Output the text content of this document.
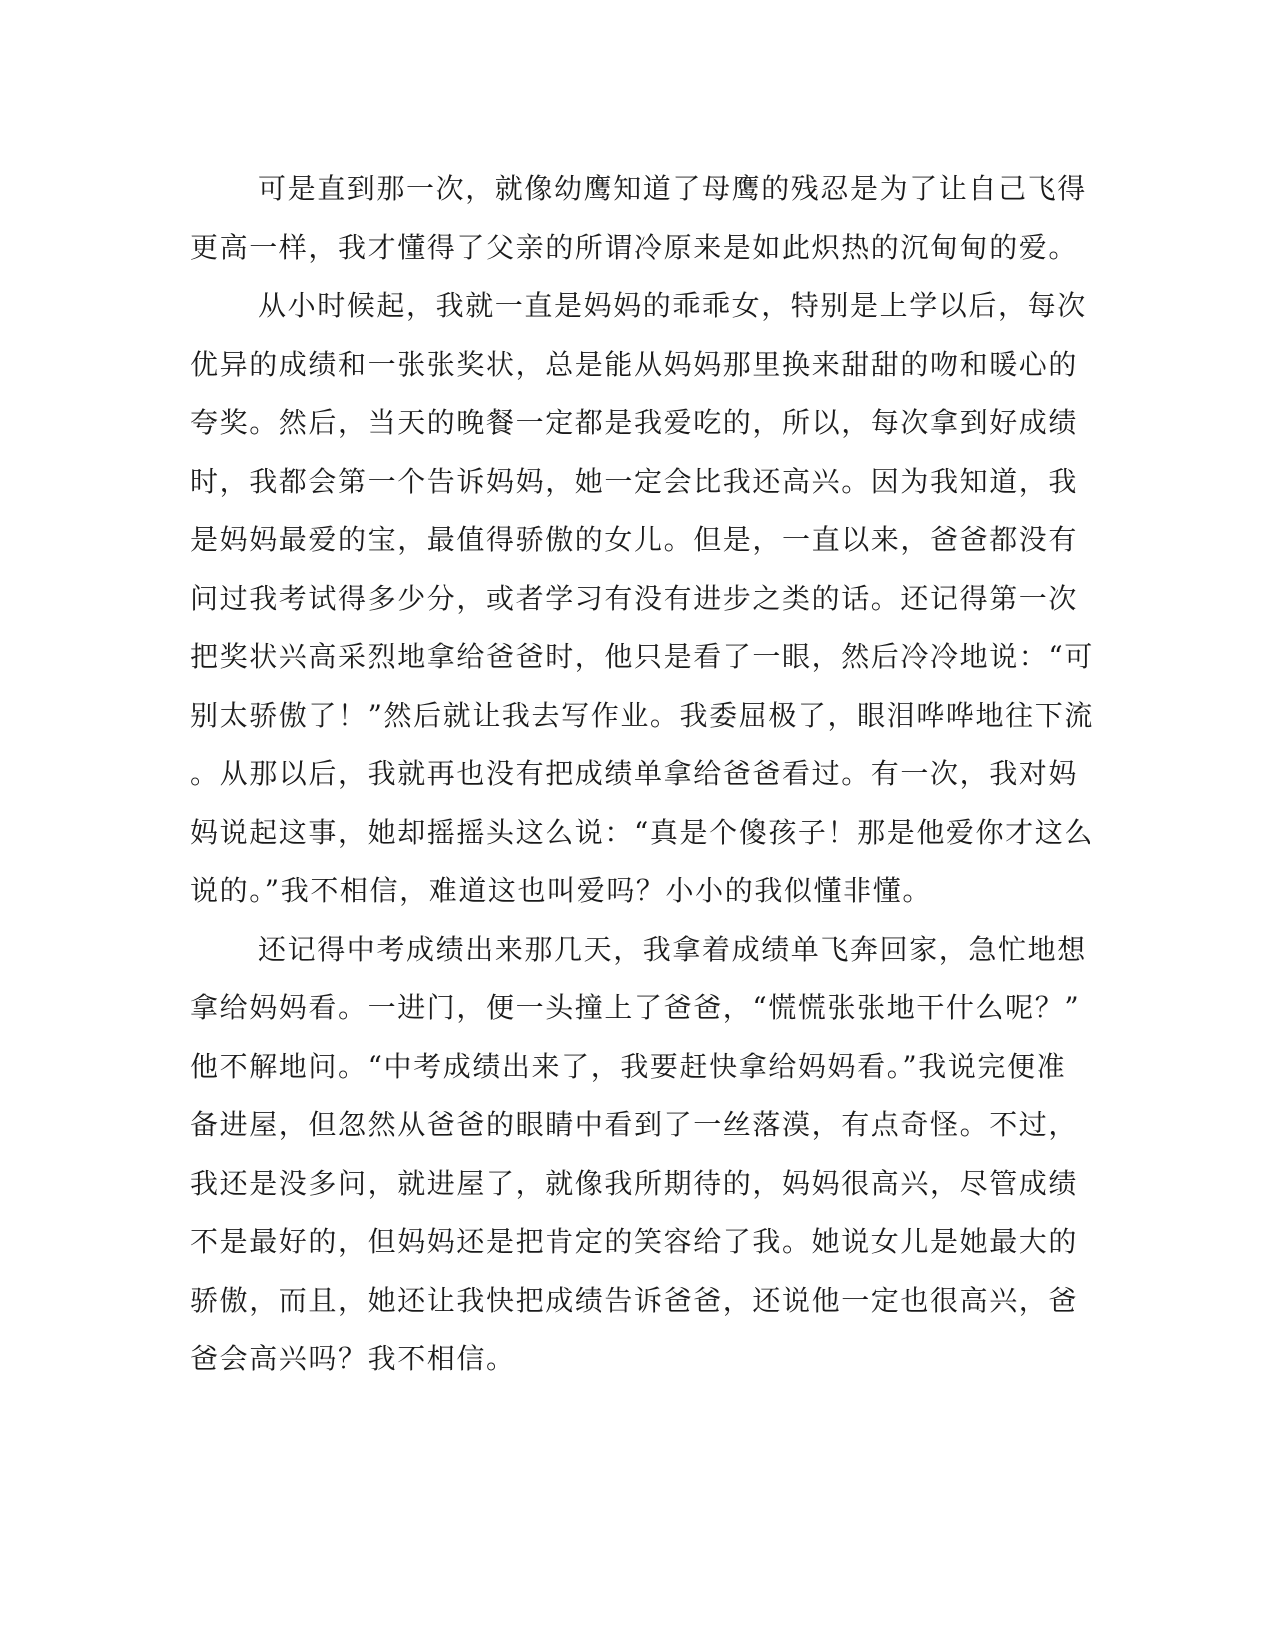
可是直到那一次，就像幼鹰知道了母鹰的残忍是为了让自己飞得
更高一样，我才懂得了父亲的所谓冷原来是如此炽热的沉甸甸的爱。
从小时候起，我就一直是妈妈的乖乖女，特别是上学以后，每次
优异的成绩和一张张奖状，总是能从妈妈那里换来甜甜的吻和暖心的
夸奖。然后，当天的晚餐一定都是我爱吃的，所以，每次拿到好成绩
时，我都会第一个告诉妈妈，她一定会比我还高兴。因为我知道，我
是妈妈最爱的宝，最值得骄傲的女儿。但是，一直以来，爸爸都没有
问过我考试得多少分，或者学习有没有进步之类的话。还记得第一次
把奖状兴高采烈地拿给爸爸时，他只是看了一眼，然后冷冷地说：“可
别太骄傲了！”然后就让我去写作业。我委屈极了，眼泪哗哗地往下流
。从那以后，我就再也没有把成绩单拿给爸爸看过。有一次，我对妈
妈说起这事，她却摇摇头这么说：“真是个傻孩子！那是他爱你才这么
说的。”我不相信，难道这也叫爱吗？小小的我似懂非懂。
还记得中考成绩出来那几天，我拿着成绩单飞奔回家，急忙地想
拿给妈妈看。一进门，便一头撞上了爸爸，“慌慌张张地干什么呢？”
他不解地问。“中考成绩出来了，我要赶快拿给妈妈看。”我说完便准
备进屋，但忽然从爸爸的眼睛中看到了一丝落漠，有点奇怪。不过，
我还是没多问，就进屋了，就像我所期待的，妈妈很高兴，尽管成绩
不是最好的，但妈妈还是把肯定的笑容给了我。她说女儿是她最大的
骄傲，而且，她还让我快把成绩告诉爸爸，还说他一定也很高兴，爸
爸会高兴吗？我不相信。
